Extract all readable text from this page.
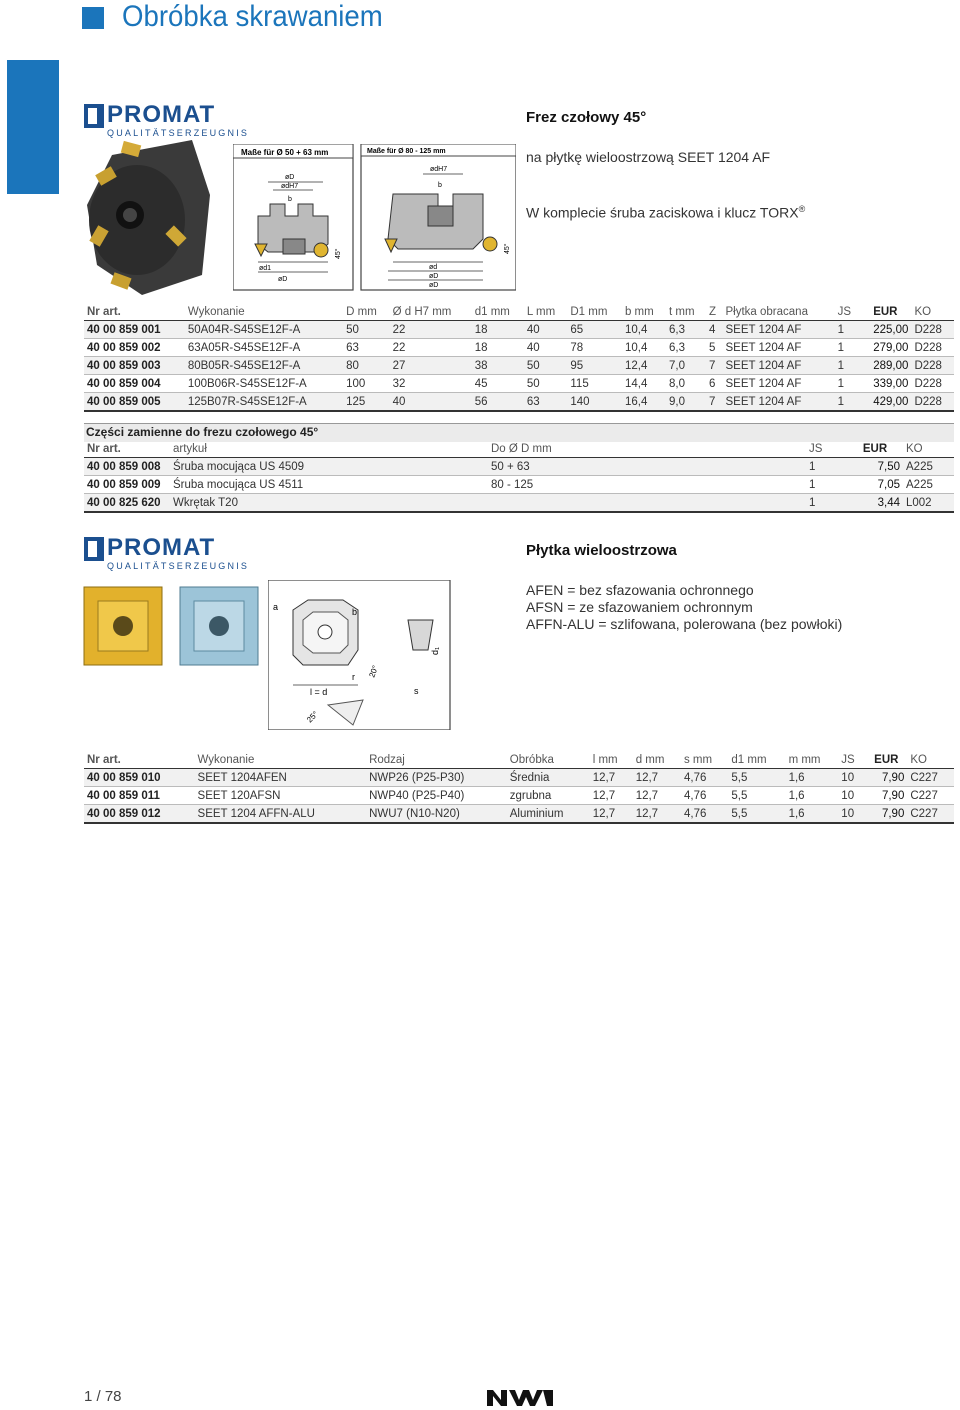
Obróbka skrawaniem
PROMAT
QUALITÄTSERZEUGNIS
Maße für Ø 50 + 63 mm	Maße für Ø 80 - 125 mm
øD
ødH7
b
ød1
øD
45°
ødH7
b
ød
øD
øD
45°
Frez czołowy 45°
na płytkę wieloostrzową SEET 1204 AF
W komplecie śruba zaciskowa i klucz TORX®
Nr art.	Wykonanie	D mm	Ø d H7 mm	d1 mm	L mm	D1 mm	b mm	t mm	Z	Płytka obracana	JS	EUR	KO
40 00 859 001	50A04R-S45SE12F-A	50	22	18	40	65	10,4	6,3	4	SEET 1204 AF	1	225,00	D228
40 00 859 002	63A05R-S45SE12F-A	63	22	18	40	78	10,4	6,3	5	SEET 1204 AF	1	279,00	D228
40 00 859 003	80B05R-S45SE12F-A	80	27	38	50	95	12,4	7,0	7	SEET 1204 AF	1	289,00	D228
40 00 859 004	100B06R-S45SE12F-A	100	32	45	50	115	14,4	8,0	6	SEET 1204 AF	1	339,00	D228
40 00 859 005	125B07R-S45SE12F-A	125	40	56	63	140	16,4	9,0	7	SEET 1204 AF	1	429,00	D228
Części zamienne do frezu czołowego 45°
Nr art.	artykuł	Do Ø D mm	JS	EUR	KO
40 00 859 008	Śruba mocująca US 4509	50 + 63	1	7,50	A225
40 00 859 009	Śruba mocująca US 4511	80 - 125	1	7,05	A225
40 00 825 620	Wkrętak T20		1	3,44	L002
PROMAT
QUALITÄTSERZEUGNIS
l = d
a	b
d₁
r 20°
s
25°
Płytka wieloostrzowa
AFEN = bez sfazowania ochronnego
AFSN = ze sfazowaniem ochronnym
AFFN-ALU = szlifowana, polerowana (bez powłoki)
Nr art.	Wykonanie	Rodzaj	Obróbka	l mm	d mm	s mm	d1 mm	m mm	JS	EUR	KO
40 00 859 010	SEET 1204AFEN	NWP26 (P25-P30)	Średnia	12,7	12,7	4,76	5,5	1,6	10	7,90	C227
40 00 859 011	SEET 120AFSN	NWP40 (P25-P40)	zgrubna	12,7	12,7	4,76	5,5	1,6	10	7,90	C227
40 00 859 012	SEET 1204 AFFN-ALU	NWU7 (N10-N20)	Aluminium	12,7	12,7	4,76	5,5	1,6	10	7,90	C227
1 / 78
